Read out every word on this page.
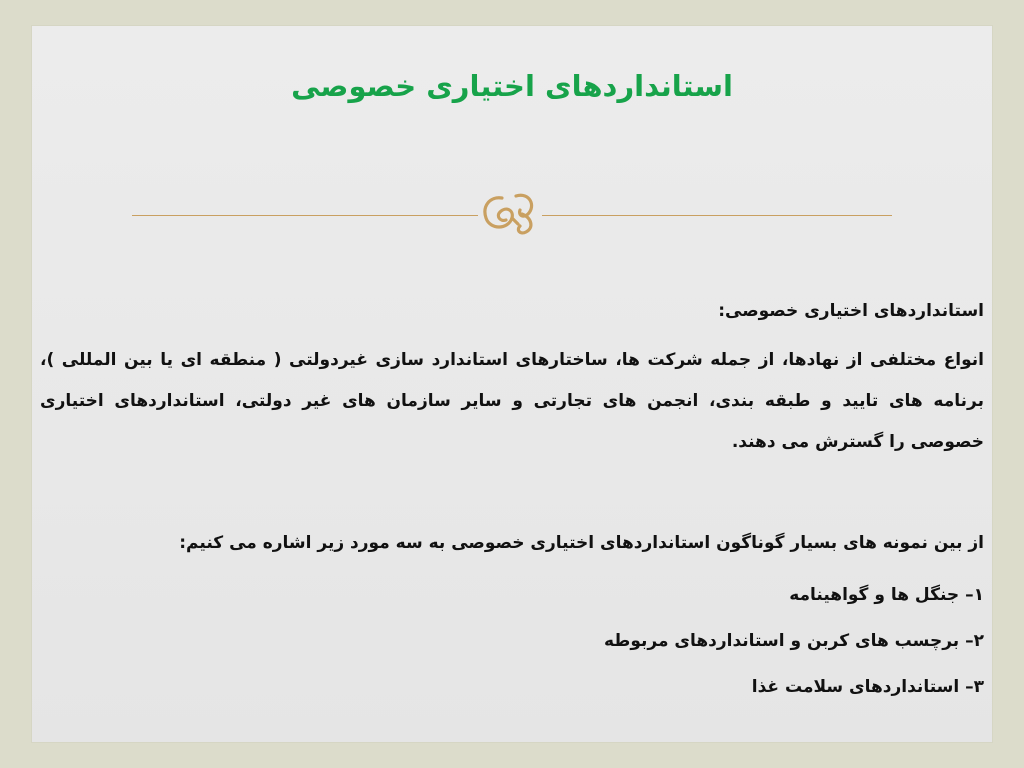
استانداردهای اختیاری خصوصی
استانداردهای اختیاری خصوصی:
انواع مختلفی از نهادها، از جمله شرکت ها، ساختارهای استاندارد سازی غیردولتی ( منطقه ای یا بین المللی )، برنامه های تایید و طبقه بندی، انجمن های تجارتی و سایر سازمان های غیر دولتی، استانداردهای اختیاری خصوصی را گسترش می دهند.
از بین نمونه های بسیار گوناگون استانداردهای اختیاری خصوصی به سه مورد زیر اشاره می کنیم:
۱– جنگل ها و گواهینامه
۲– برچسب های کربن و استانداردهای مربوطه
۳– استانداردهای سلامت غذا
